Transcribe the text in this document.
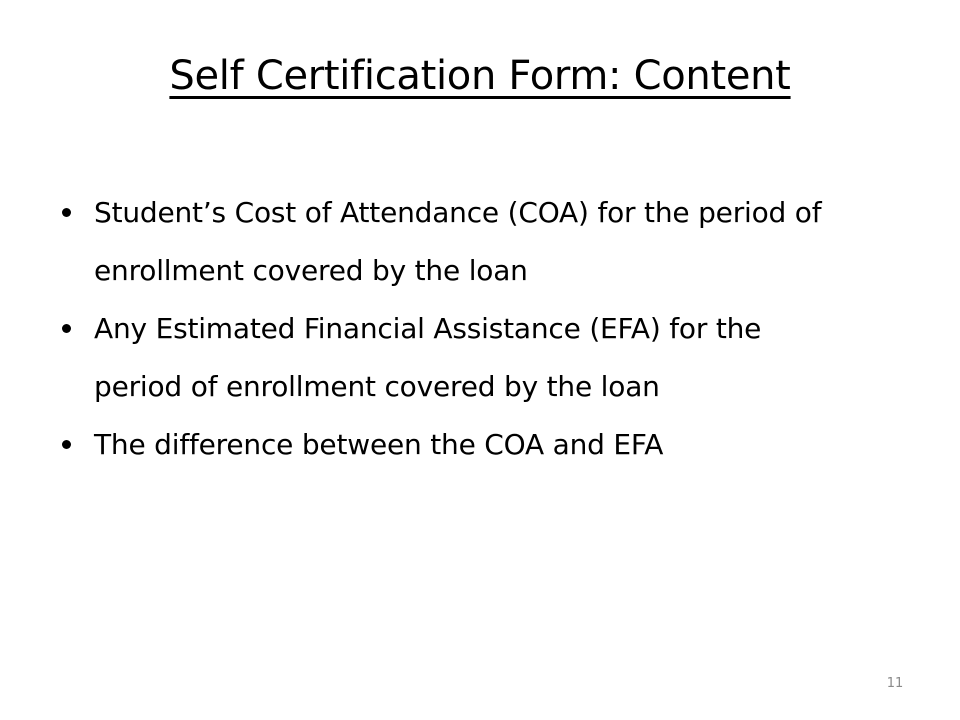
Self Certification Form: Content
Student’s Cost of Attendance (COA) for the period of enrollment covered by the loan
Any Estimated Financial Assistance (EFA) for the period of enrollment covered by the loan
The difference between the COA and EFA
11
